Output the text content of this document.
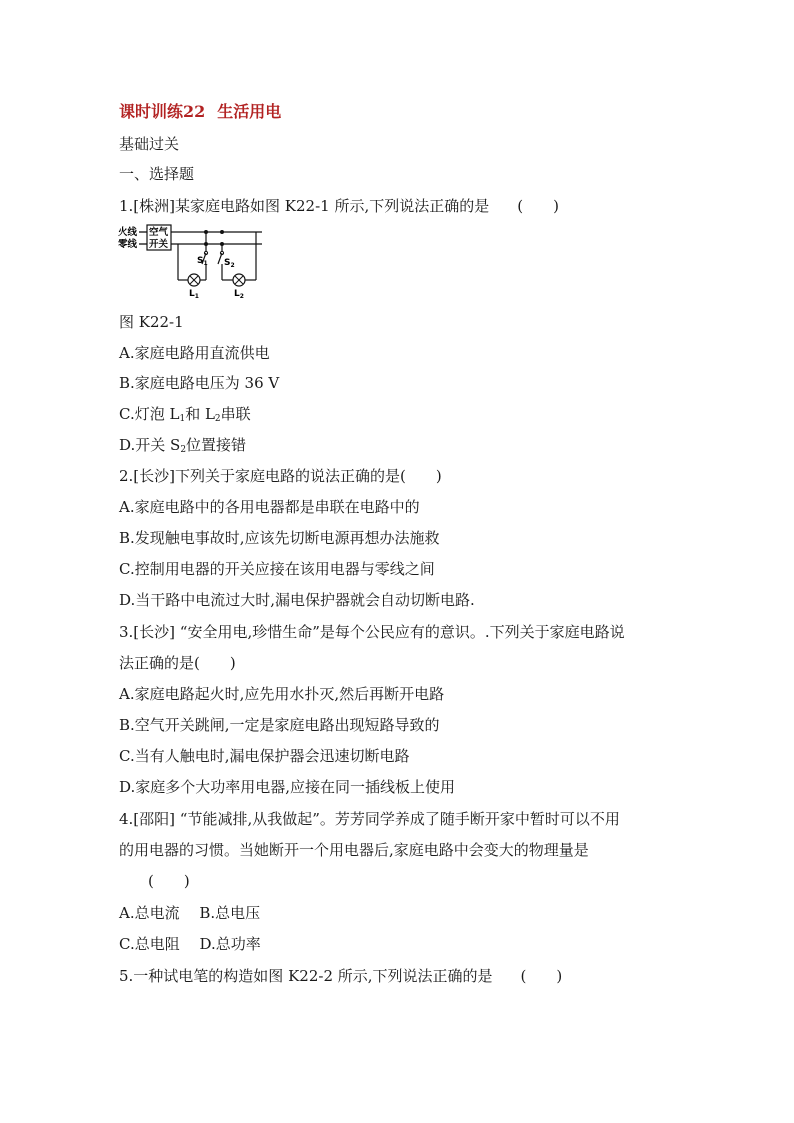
课时训练22 生活用电
基础过关
一、选择题
1.[株洲]某家庭电路如图 K22-1 所示,下列说法正确的是 (　　)
火线
零线
空气
开关
$S_1$
$L_1$
$S_2$
$L_2$
图 K22-1
A.家庭电路用直流供电
B.家庭电路电压为 36 V
C.灯泡 $L_1$和 $L_2$串联
D.开关 $S_2$位置接错
2.[长沙]下列关于家庭电路的说法正确的是(　　)
A.家庭电路中的各用电器都是串联在电路中的
B.发现触电事故时,应该先切断电源再想办法施救
C.控制用电器的开关应接在该用电器与零线之间
D.当干路中电流过大时,漏电保护器就会自动切断电路.
3.[长沙] “安全用电,珍惜生命”是每个公民应有的意识。.下列关于家庭电路说
法正确的是(　　)
A.家庭电路起火时,应先用水扑灭,然后再断开电路
B.空气开关跳闸,一定是家庭电路出现短路导致的
C.当有人触电时,漏电保护器会迅速切断电路
D.家庭多个大功率用电器,应接在同一插线板上使用
4.[邵阳] “节能减排,从我做起”。芳芳同学养成了随手断开家中暂时可以不用
的用电器的习惯。当她断开一个用电器后,家庭电路中会变大的物理量是
(　　)
A.总电流　 B.总电压
C.总电阻　 D.总功率
5.一种试电笔的构造如图 K22-2 所示,下列说法正确的是 (　　)
